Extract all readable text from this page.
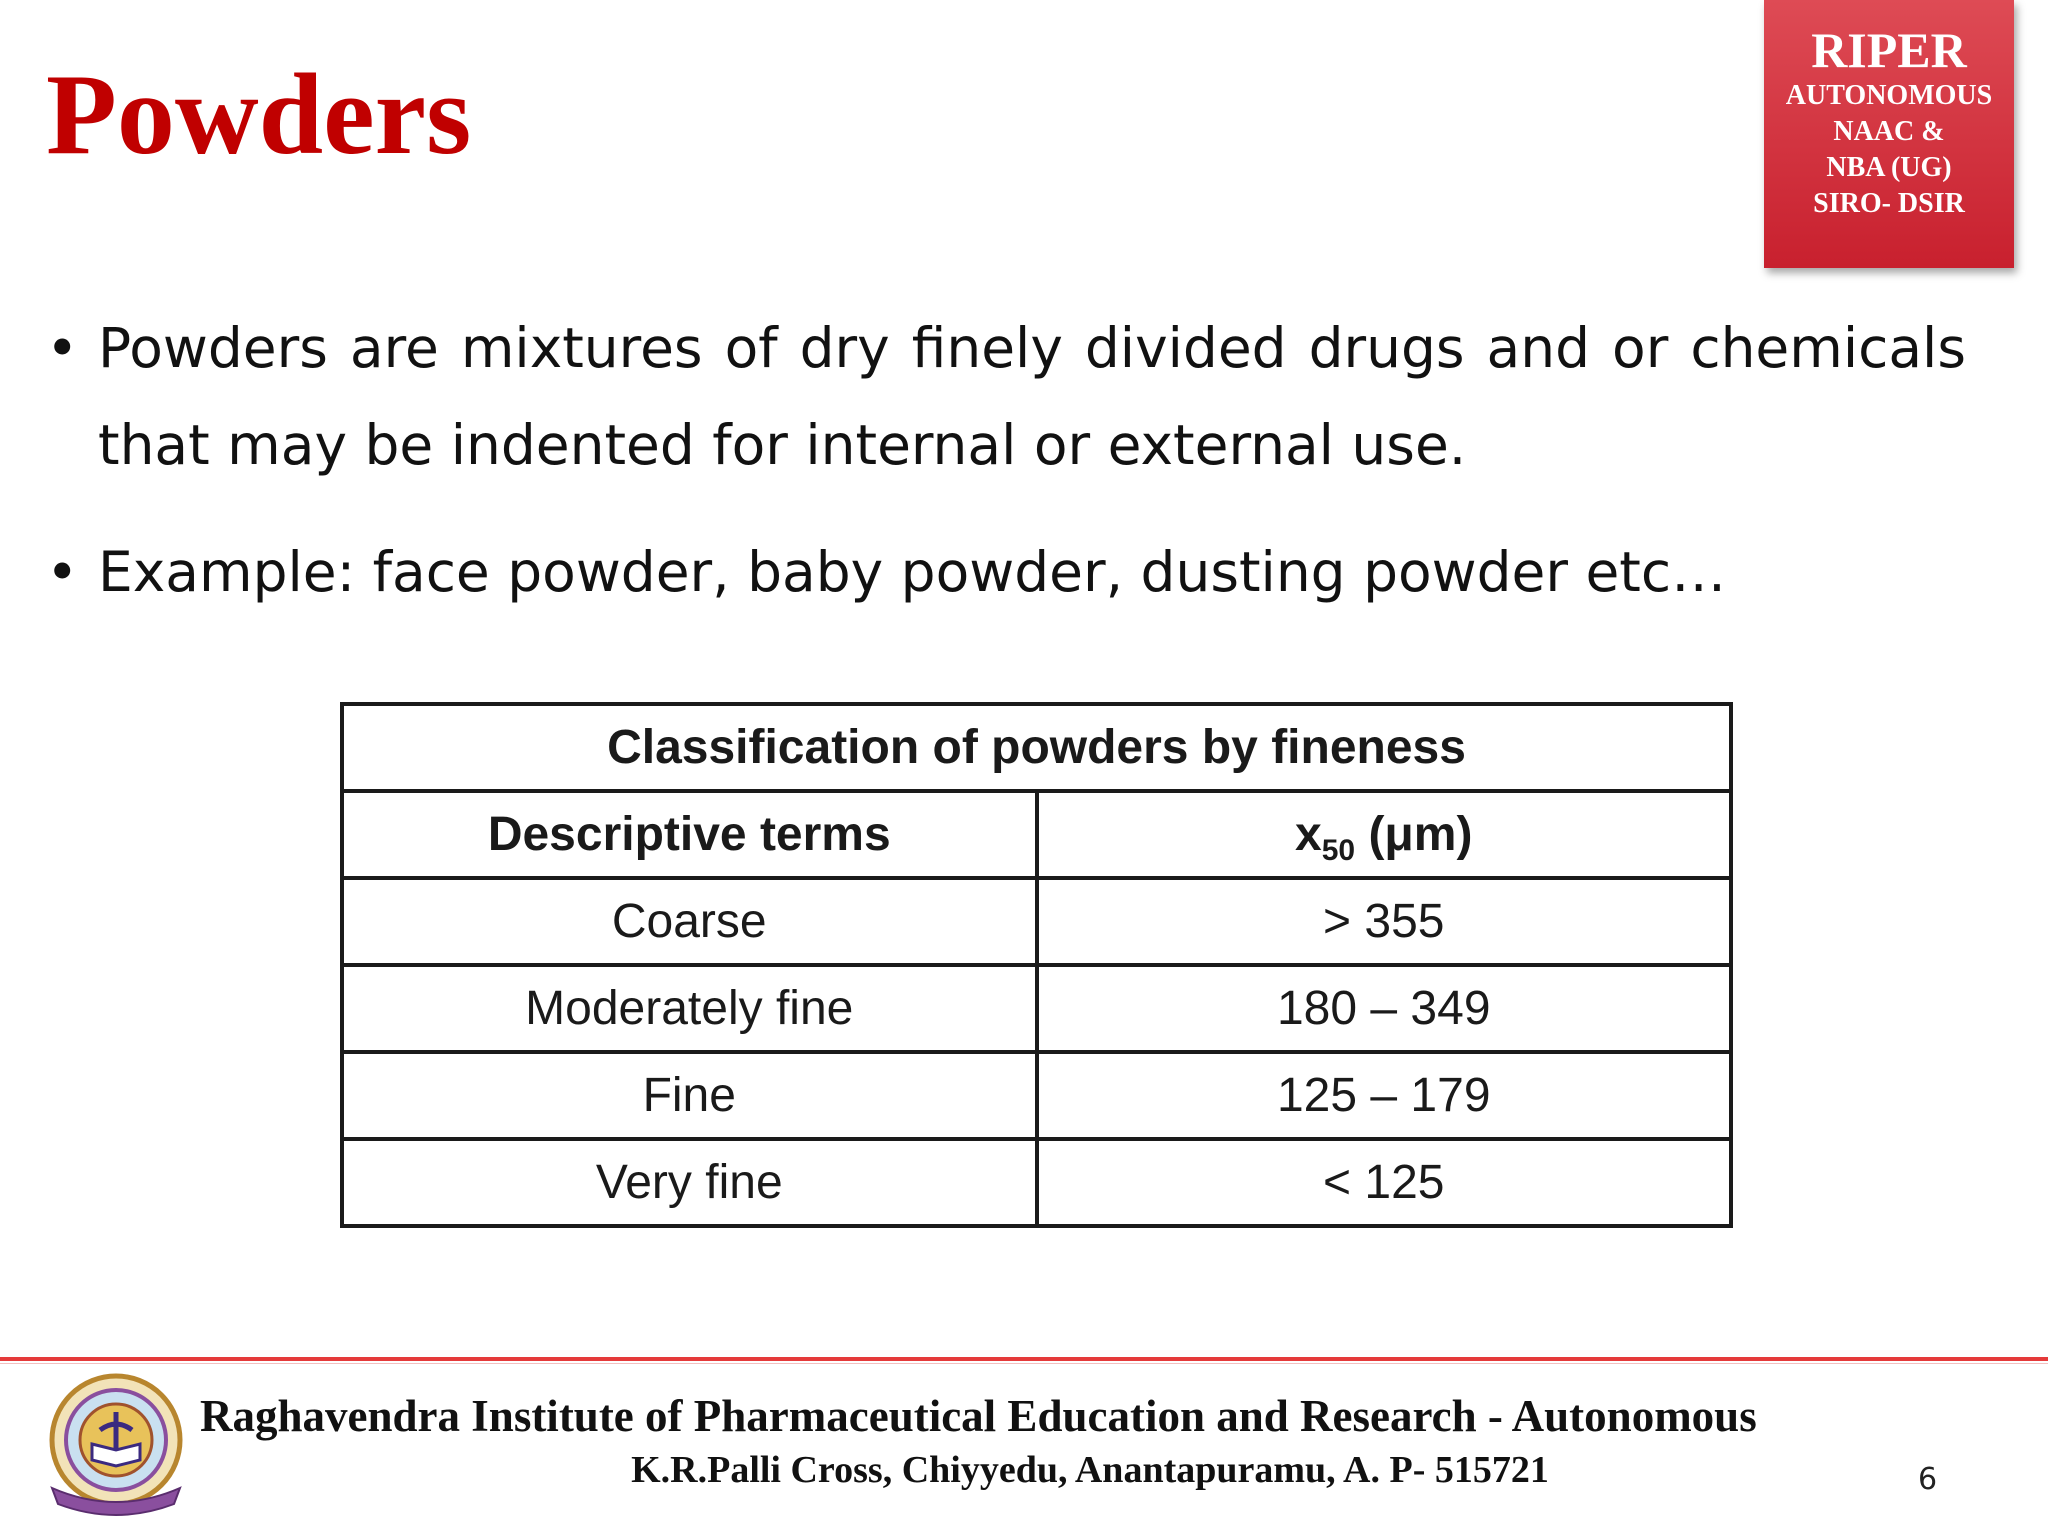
Powders
RIPER
AUTONOMOUS
NAAC &
NBA (UG)
SIRO- DSIR
• Powders are mixtures of dry finely divided drugs and or chemicals that may be indented for internal or external use.
• Example: face powder, baby powder, dusting powder etc…
Classification of powders by fineness	
Descriptive terms	$x_{50}$ (μm)
Coarse	> 355
Moderately fine	180 – 349
Fine	125 – 179
Very fine	< 125

Raghavendra Institute of Pharmaceutical Education and Research - Autonomous

K.R.Palli Cross, Chiyyedu, Anantapuramu, A. P- 515721	6
